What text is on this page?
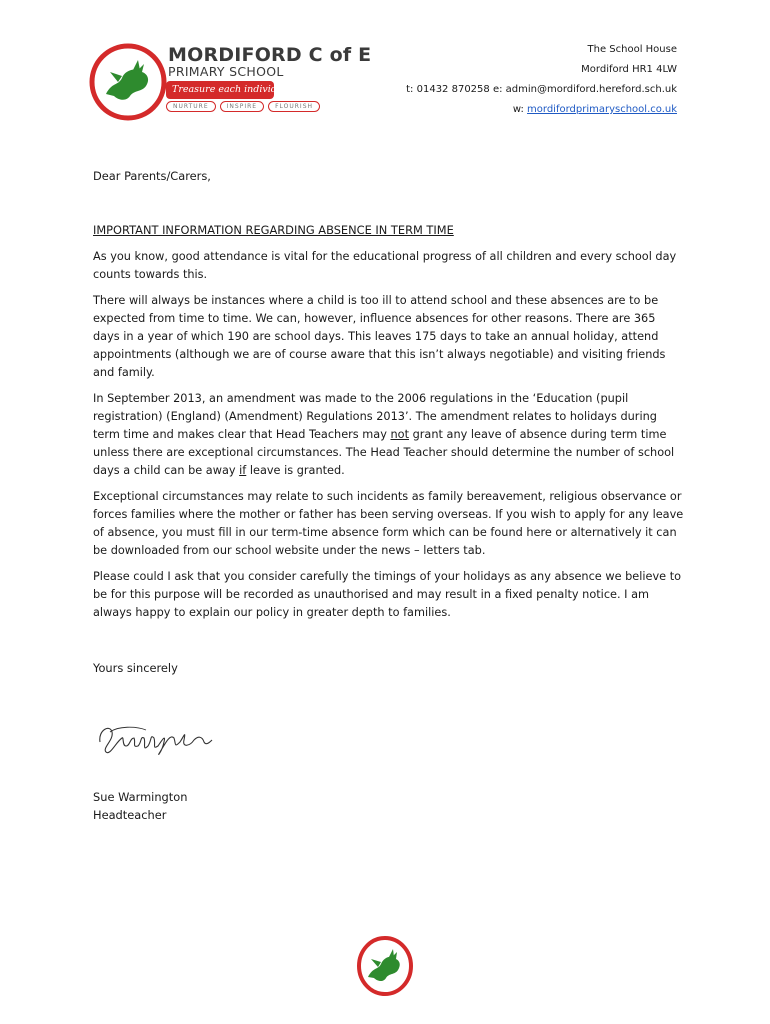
MORDIFORD C of E
PRIMARY SCHOOL
Treasure each individual
NURTURE	INSPIRE	FLOURISH
The School House
Mordiford HR1 4LW
t: 01432 870258 e: admin@mordiford.hereford.sch.uk
w: mordifordprimaryschool.co.uk
Dear Parents/Carers,
IMPORTANT INFORMATION REGARDING ABSENCE IN TERM TIME
As you know, good attendance is vital for the educational progress of all children and every school day counts towards this.
There will always be instances where a child is too ill to attend school and these absences are to be expected from time to time. We can, however, influence absences for other reasons. There are 365 days in a year of which 190 are school days. This leaves 175 days to take an annual holiday, attend appointments (although we are of course aware that this isn’t always negotiable) and visiting friends and family.
In September 2013, an amendment was made to the 2006 regulations in the ‘Education (pupil registration) (England) (Amendment) Regulations 2013’. The amendment relates to holidays during term time and makes clear that Head Teachers may not grant any leave of absence during term time unless there are exceptional circumstances. The Head Teacher should determine the number of school days a child can be away if leave is granted.
Exceptional circumstances may relate to such incidents as family bereavement, religious observance or forces families where the mother or father has been serving overseas. If you wish to apply for any leave of absence, you must fill in our term-time absence form which can be found here or alternatively it can be downloaded from our school website under the news – letters tab.
Please could I ask that you consider carefully the timings of your holidays as any absence we believe to be for this purpose will be recorded as unauthorised and may result in a fixed penalty notice. I am always happy to explain our policy in greater depth to families.
Yours sincerely
Sue Warmington
Headteacher
